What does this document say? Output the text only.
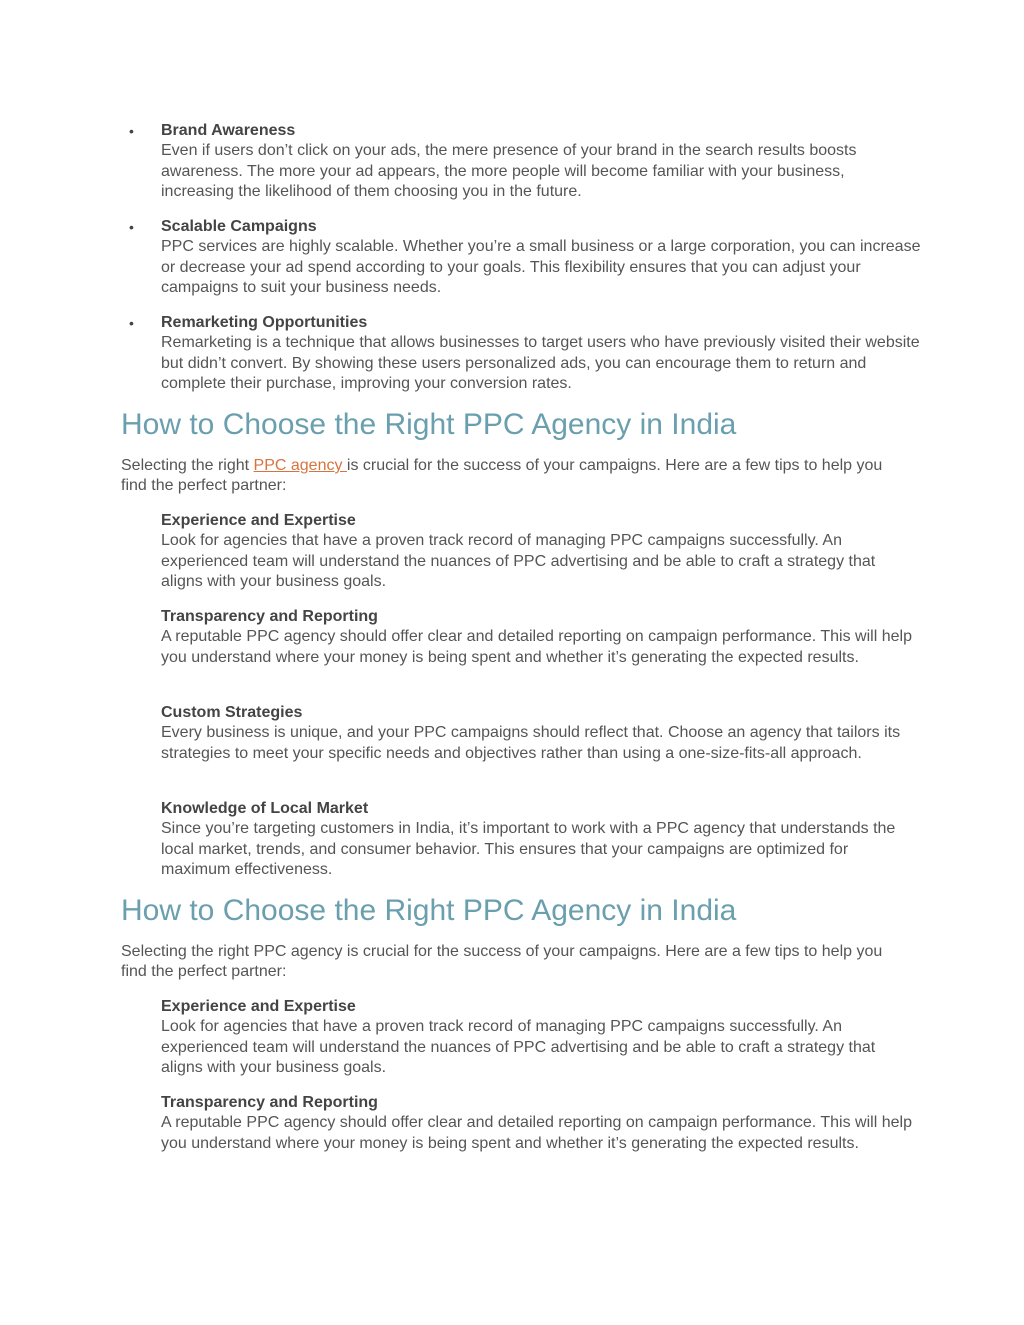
• Brand Awareness
Even if users don’t click on your ads, the mere presence of your brand in the search results boosts awareness. The more your ad appears, the more people will become familiar with your business, increasing the likelihood of them choosing you in the future.
• Scalable Campaigns
PPC services are highly scalable. Whether you’re a small business or a large corporation, you can increase or decrease your ad spend according to your goals. This flexibility ensures that you can adjust your campaigns to suit your business needs.
• Remarketing Opportunities
Remarketing is a technique that allows businesses to target users who have previously visited their website but didn’t convert. By showing these users personalized ads, you can encourage them to return and complete their purchase, improving your conversion rates.
How to Choose the Right PPC Agency in India

Selecting the right PPC agency is crucial for the success of your campaigns. Here are a few tips to help you find the perfect partner:

Experience and Expertise
Look for agencies that have a proven track record of managing PPC campaigns successfully. An experienced team will understand the nuances of PPC advertising and be able to craft a strategy that aligns with your business goals.
Transparency and Reporting
A reputable PPC agency should offer clear and detailed reporting on campaign performance. This will help you understand where your money is being spent and whether it’s generating the expected results.
Custom Strategies
Every business is unique, and your PPC campaigns should reflect that. Choose an agency that tailors its strategies to meet your specific needs and objectives rather than using a one-size-fits-all approach.
Knowledge of Local Market
Since you’re targeting customers in India, it’s important to work with a PPC agency that understands the local market, trends, and consumer behavior. This ensures that your campaigns are optimized for maximum effectiveness.
How to Choose the Right PPC Agency in India

Selecting the right PPC agency is crucial for the success of your campaigns. Here are a few tips to help you find the perfect partner:

Experience and Expertise
Look for agencies that have a proven track record of managing PPC campaigns successfully. An experienced team will understand the nuances of PPC advertising and be able to craft a strategy that aligns with your business goals.
Transparency and Reporting
A reputable PPC agency should offer clear and detailed reporting on campaign performance. This will help you understand where your money is being spent and whether it’s generating the expected results.
